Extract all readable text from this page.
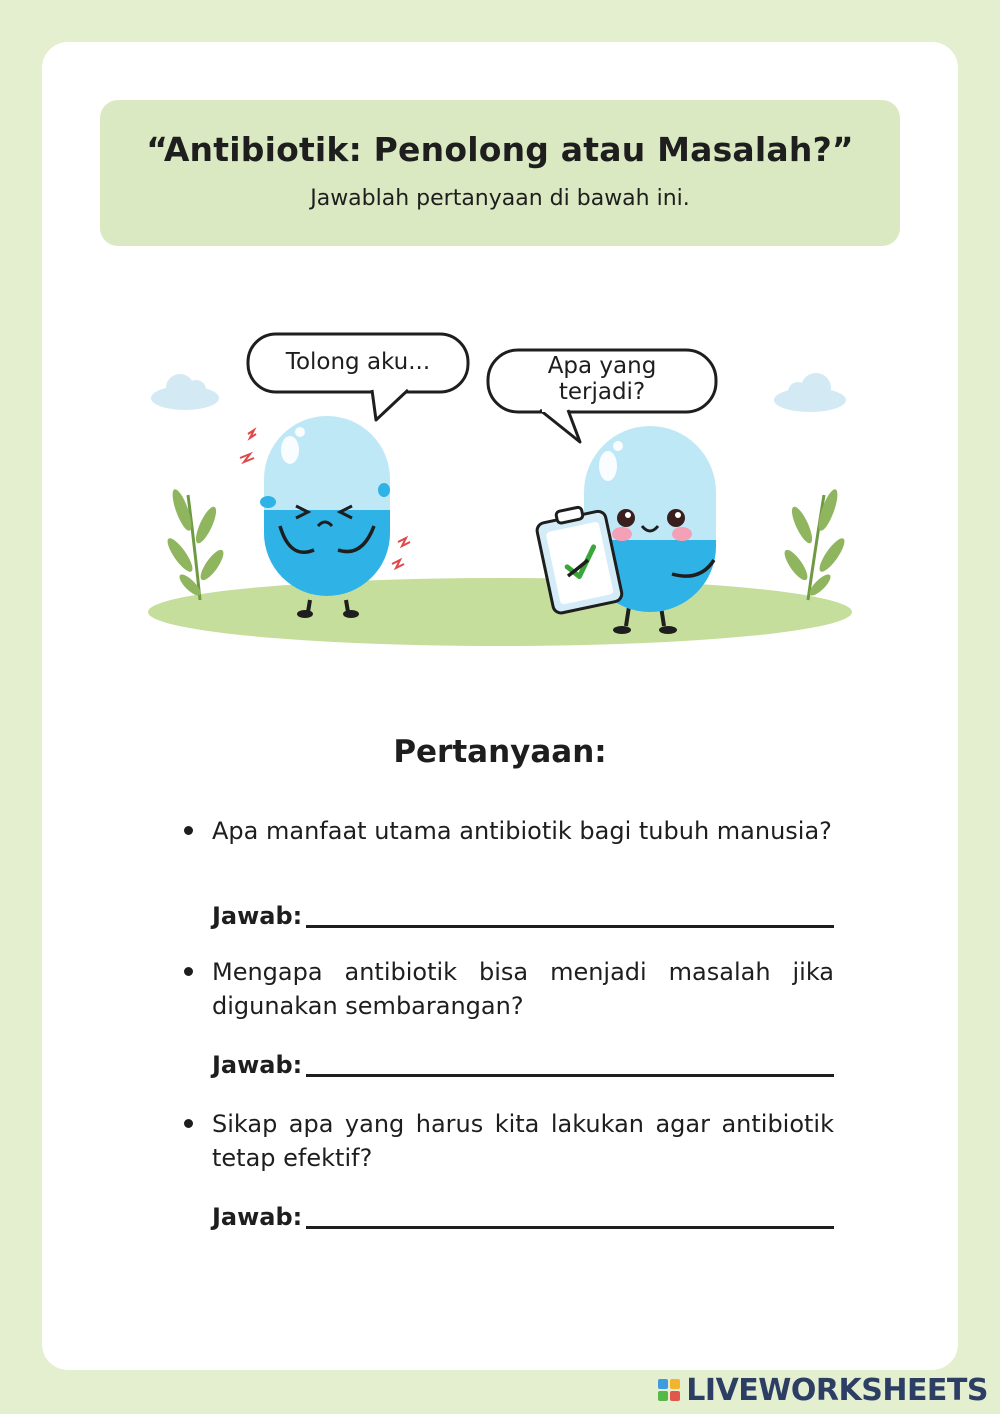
“Antibiotik: Penolong atau Masalah?”

Jawablah pertanyaan di bawah ini.

Tolong aku...	Apa yang
terjadi?
Pertanyaan:
Apa manfaat utama antibiotik bagi tubuh manusia?
Jawab:
Mengapa antibiotik bisa menjadi masalah jika digunakan sembarangan?
Jawab:
Sikap apa yang harus kita lakukan agar antibiotik tetap efektif?
Jawab:
LIVEWORKSHEETS
